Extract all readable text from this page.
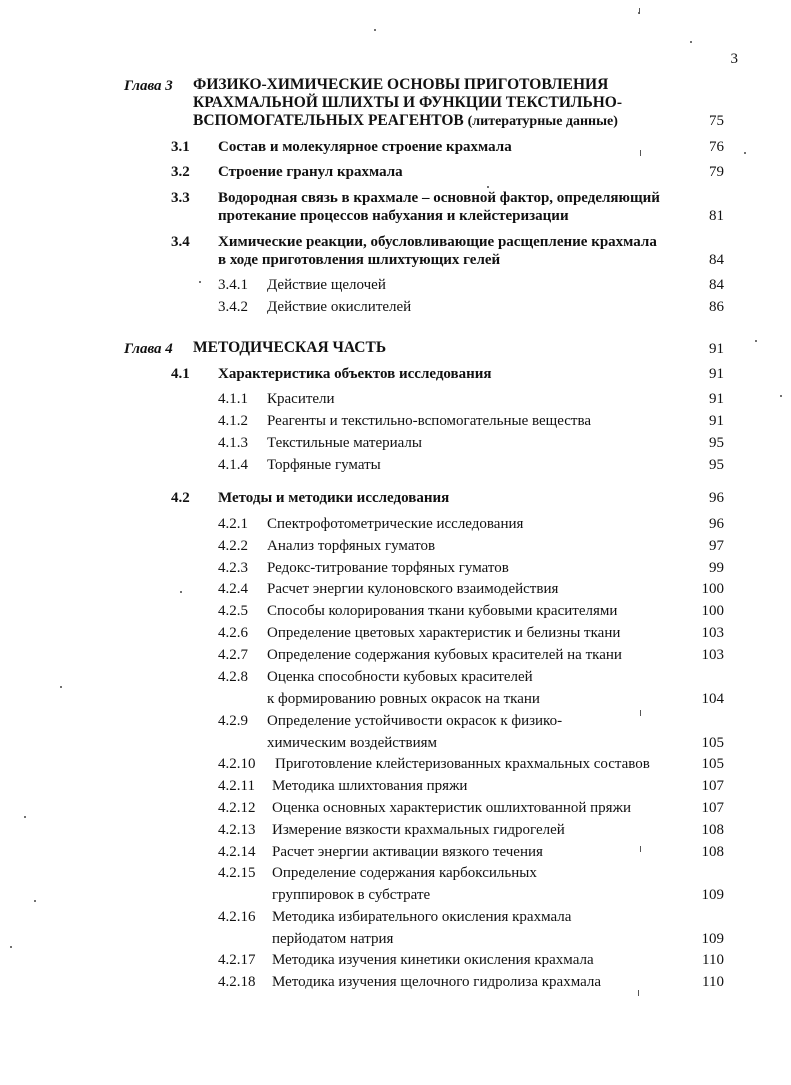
3
Глава 3 ФИЗИКО-ХИМИЧЕСКИЕ ОСНОВЫ ПРИГОТОВЛЕНИЯ
КРАХМАЛЬНОЙ ШЛИХТЫ И ФУНКЦИИ ТЕКСТИЛЬНО-
ВСПОМОГАТЕЛЬНЫХ РЕАГЕНТОВ (литературные данные)	75
3.1 Состав и молекулярное строение крахмала	76
3.2 Строение гранул крахмала	79
3.3 Водородная связь в крахмале – основной фактор, определяющий
протекание процессов набухания и клейстеризации	81
3.4 Химические реакции, обусловливающие расщепление крахмала
в ходе приготовления шлихтующих гелей	84
3.4.1 Действие щелочей	84
3.4.2 Действие окислителей	86
Глава 4 МЕТОДИЧЕСКАЯ ЧАСТЬ	91
4.1 Характеристика объектов исследования	91
4.1.1 Красители	91
4.1.2 Реагенты и текстильно-вспомогательные вещества	91
4.1.3 Текстильные материалы	95
4.1.4 Торфяные гуматы	95
4.2 Методы и методики исследования	96
4.2.1 Спектрофотометрические исследования	96
4.2.2 Анализ торфяных гуматов	97
4.2.3 Редокс-титрование торфяных гуматов	99
4.2.4 Расчет энергии кулоновского взаимодействия	100
4.2.5 Способы колорирования ткани кубовыми красителями	100
4.2.6 Определение цветовых характеристик и белизны ткани	103
4.2.7 Определение содержания кубовых красителей на ткани	103
4.2.8 Оценка способности кубовых красителей
к формированию ровных окрасок на ткани	104
4.2.9 Определение устойчивости окрасок к физико-
химическим воздействиям	105
4.2.10 Приготовление клейстеризованных крахмальных составов	105
4.2.11 Методика шлихтования пряжи	107
4.2.12 Оценка основных характеристик ошлихтованной пряжи	107
4.2.13 Измерение вязкости крахмальных гидрогелей	108
4.2.14 Расчет энергии активации вязкого течения	108
4.2.15 Определение содержания карбоксильных
группировок в субстрате	109
4.2.16 Методика избирательного окисления крахмала
перйодатом натрия	109
4.2.17 Методика изучения кинетики окисления крахмала	110
4.2.18 Методика изучения щелочного гидролиза крахмала	110
